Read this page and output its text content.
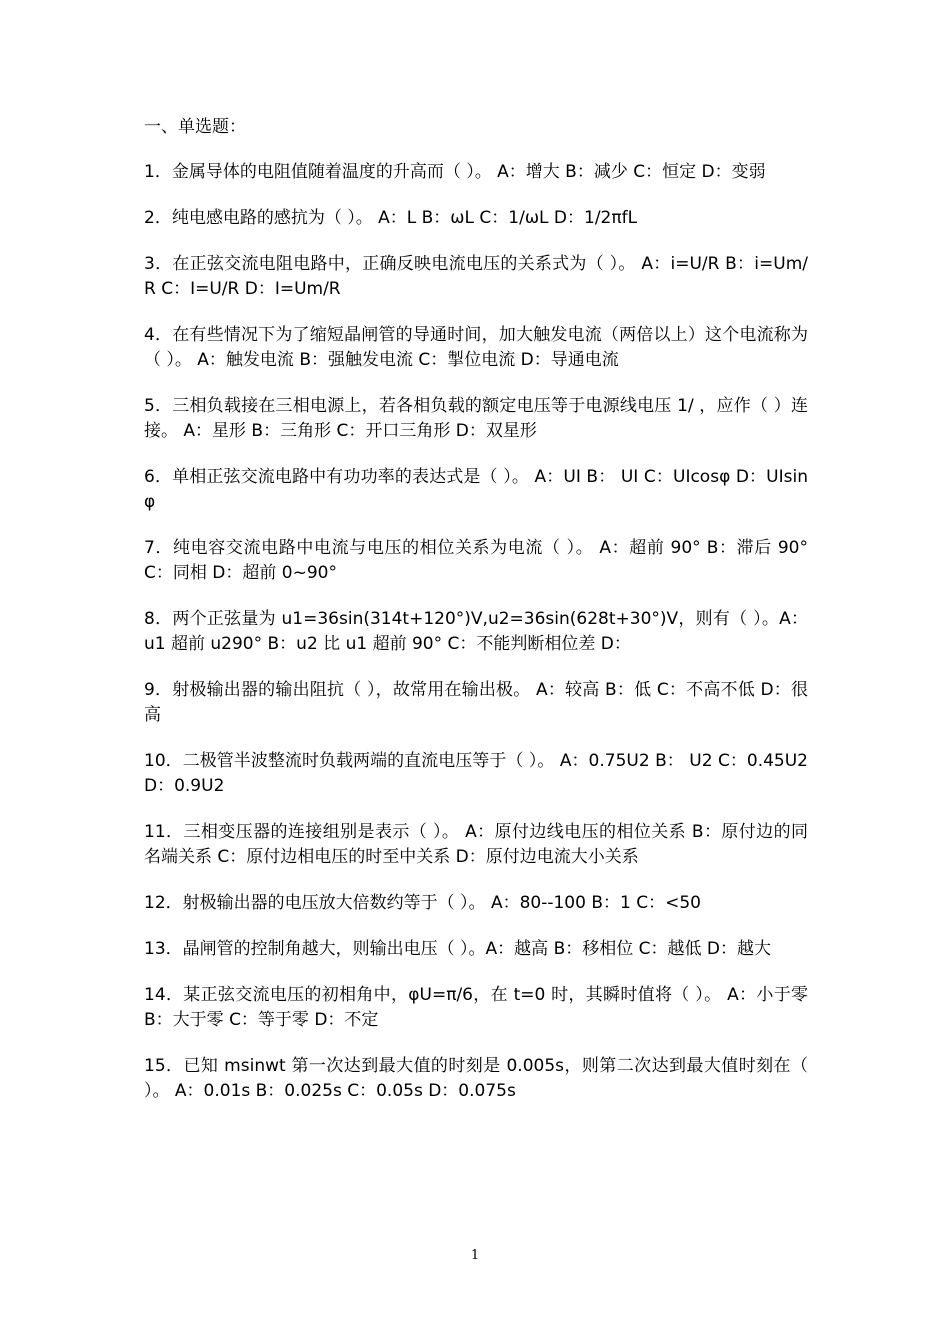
一、单选题：
1．金属导体的电阻值随着温度的升高而（ ）。 A：增大 B：减少 C：恒定 D：变弱
2．纯电感电路的感抗为（ ）。 A：L B：ωL C：1/ωL D：1/2πfL
3．在正弦交流电阻电路中，正确反映电流电压的关系式为（ ）。 A：i=U/R B：i=Um/R C：I=U/R D：I=Um/R
4．在有些情况下为了缩短晶闸管的导通时间，加大触发电流（两倍以上）这个电流称为（ ）。 A：触发电流 B：强触发电流 C：掣位电流 D：导通电流
5．三相负载接在三相电源上，若各相负载的额定电压等于电源线电压 1/ ，应作（ ）连接。 A：星形 B：三角形 C：开口三角形 D：双星形
6．单相正弦交流电路中有功功率的表达式是（ ）。 A：UI B： UI C：UIcosφ D：UIsinφ
7．纯电容交流电路中电流与电压的相位关系为电流（ ）。 A：超前 90° B：滞后 90° C：同相 D：超前 0~90°
8．两个正弦量为 u1=36sin(314t+120°)V,u2=36sin(628t+30°)V，则有（ ）。A：u1 超前 u290° B：u2 比 u1 超前 90° C：不能判断相位差 D：
9．射极输出器的输出阻抗（ ），故常用在输出极。 A：较高 B：低 C：不高不低 D：很高
10．二极管半波整流时负载两端的直流电压等于（ ）。 A：0.75U2 B： U2 C：0.45U2 D：0.9U2
11．三相变压器的连接组别是表示（ ）。 A：原付边线电压的相位关系 B：原付边的同名端关系 C：原付边相电压的时至中关系 D：原付边电流大小关系
12．射极输出器的电压放大倍数约等于（ ）。 A：80--100 B：1 C：<50
13．晶闸管的控制角越大，则输出电压（ ）。A：越高 B：移相位 C：越低 D：越大
14．某正弦交流电压的初相角中，φU=π/6，在 t=0 时，其瞬时值将（ ）。 A：小于零 B：大于零 C：等于零 D：不定
15．已知 msinwt 第一次达到最大值的时刻是 0.005s，则第二次达到最大值时刻在（ ）。 A：0.01s B：0.025s C：0.05s D：0.075s
1
